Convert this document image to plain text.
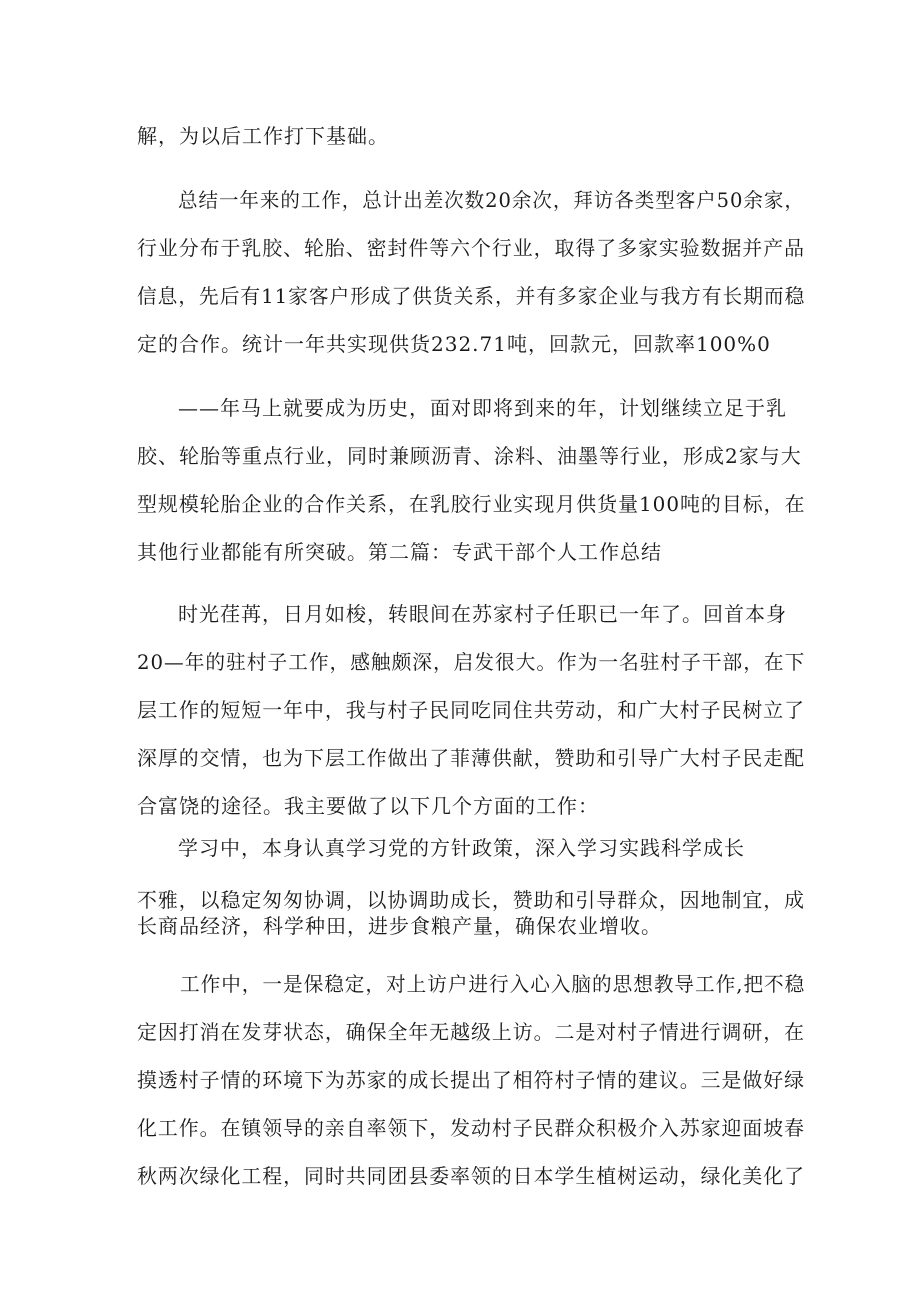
解，为以后工作打下基础。
总结一年来的工作，总计出差次数20余次，拜访各类型客户50余家，
行业分布于乳胶、轮胎、密封件等六个行业，取得了多家实验数据并产品
信息，先后有11家客户形成了供货关系，并有多家企业与我方有长期而稳
定的合作。统计一年共实现供货232.71吨，回款元，回款率100%0
——年马上就要成为历史，面对即将到来的年，计划继续立足于乳
胶、轮胎等重点行业，同时兼顾沥青、涂料、油墨等行业，形成2家与大
型规模轮胎企业的合作关系，在乳胶行业实现月供货量100吨的目标，在
其他行业都能有所突破。第二篇：专武干部个人工作总结
时光荏苒，日月如梭，转眼间在苏家村子任职已一年了。回首本身
20—年的驻村子工作，感触颇深，启发很大。作为一名驻村子干部，在下
层工作的短短一年中，我与村子民同吃同住共劳动，和广大村子民树立了
深厚的交情，也为下层工作做出了菲薄供献，赞助和引导广大村子民走配
合富饶的途径。我主要做了以下几个方面的工作：
学习中，本身认真学习党的方针政策，深入学习实践科学成长
不雅，以稳定匆匆协调，以协调助成长，赞助和引导群众，因地制宜，成
长商品经济，科学种田，进步食粮产量，确保农业增收。
工作中，一是保稳定，对上访户进行入心入脑的思想教导工作,把不稳
定因打消在发芽状态，确保全年无越级上访。二是对村子情进行调研，在
摸透村子情的环境下为苏家的成长提出了相符村子情的建议。三是做好绿
化工作。在镇领导的亲自率领下，发动村子民群众积极介入苏家迎面坡春
秋两次绿化工程，同时共同团县委率领的日本学生植树运动，绿化美化了
